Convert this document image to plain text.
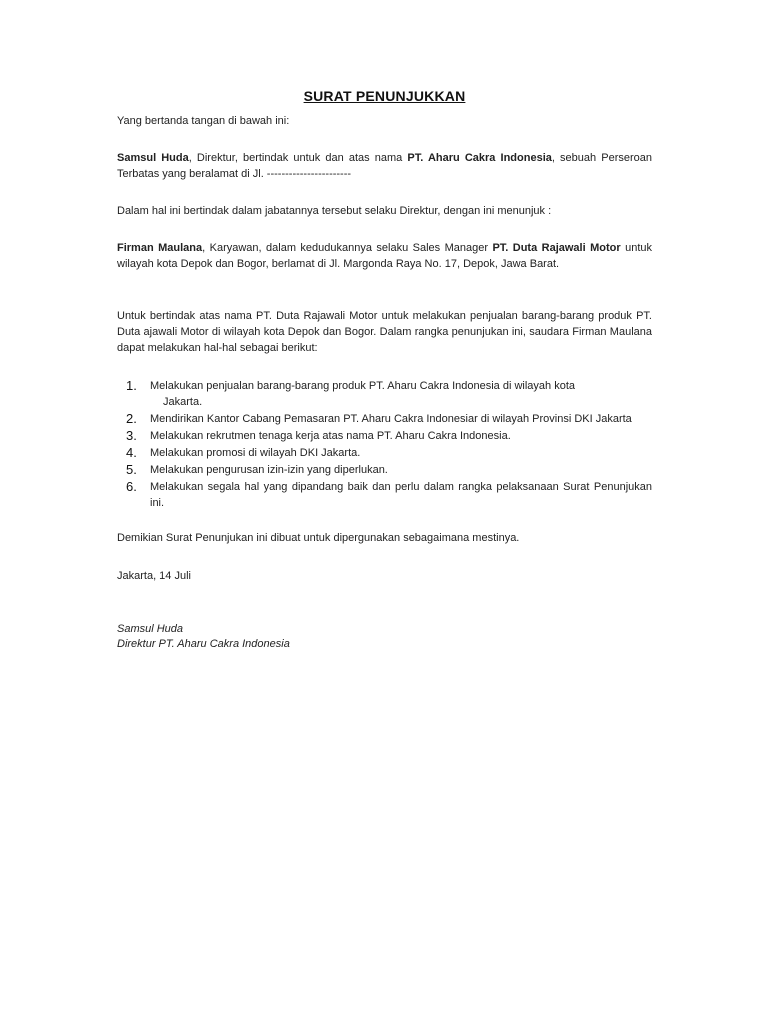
SURAT PENUNJUKKAN
Yang bertanda tangan di bawah ini:
Samsul Huda, Direktur, bertindak untuk dan atas nama PT. Aharu Cakra Indonesia, sebuah Perseroan Terbatas yang beralamat di Jl. -----------------------
Dalam hal ini bertindak dalam jabatannya tersebut selaku Direktur, dengan ini menunjuk :
Firman Maulana, Karyawan, dalam kedudukannya selaku Sales Manager PT. Duta Rajawali Motor untuk wilayah kota Depok dan Bogor, berlamat di Jl. Margonda Raya No. 17, Depok, Jawa Barat.
Untuk bertindak atas nama PT. Duta Rajawali Motor untuk melakukan penjualan barang-barang produk PT. Duta ajawali Motor di wilayah kota Depok dan Bogor. Dalam rangka penunjukan ini, saudara Firman Maulana dapat melakukan hal-hal sebagai berikut:
1. Melakukan penjualan barang-barang produk PT. Aharu Cakra Indonesia di wilayah kota
Jakarta.
2. Mendirikan Kantor Cabang Pemasaran PT. Aharu Cakra Indonesiar di wilayah Provinsi DKI Jakarta
3. Melakukan rekrutmen tenaga kerja atas nama PT. Aharu Cakra Indonesia.
4. Melakukan promosi di wilayah DKI Jakarta.
5. Melakukan pengurusan izin-izin yang diperlukan.
6. Melakukan segala hal yang dipandang baik dan perlu dalam rangka pelaksanaan Surat Penunjukan ini.
Demikian Surat Penunjukan ini dibuat untuk dipergunakan sebagaimana mestinya.
Jakarta, 14 Juli
Samsul Huda
Direktur PT. Aharu Cakra Indonesia
